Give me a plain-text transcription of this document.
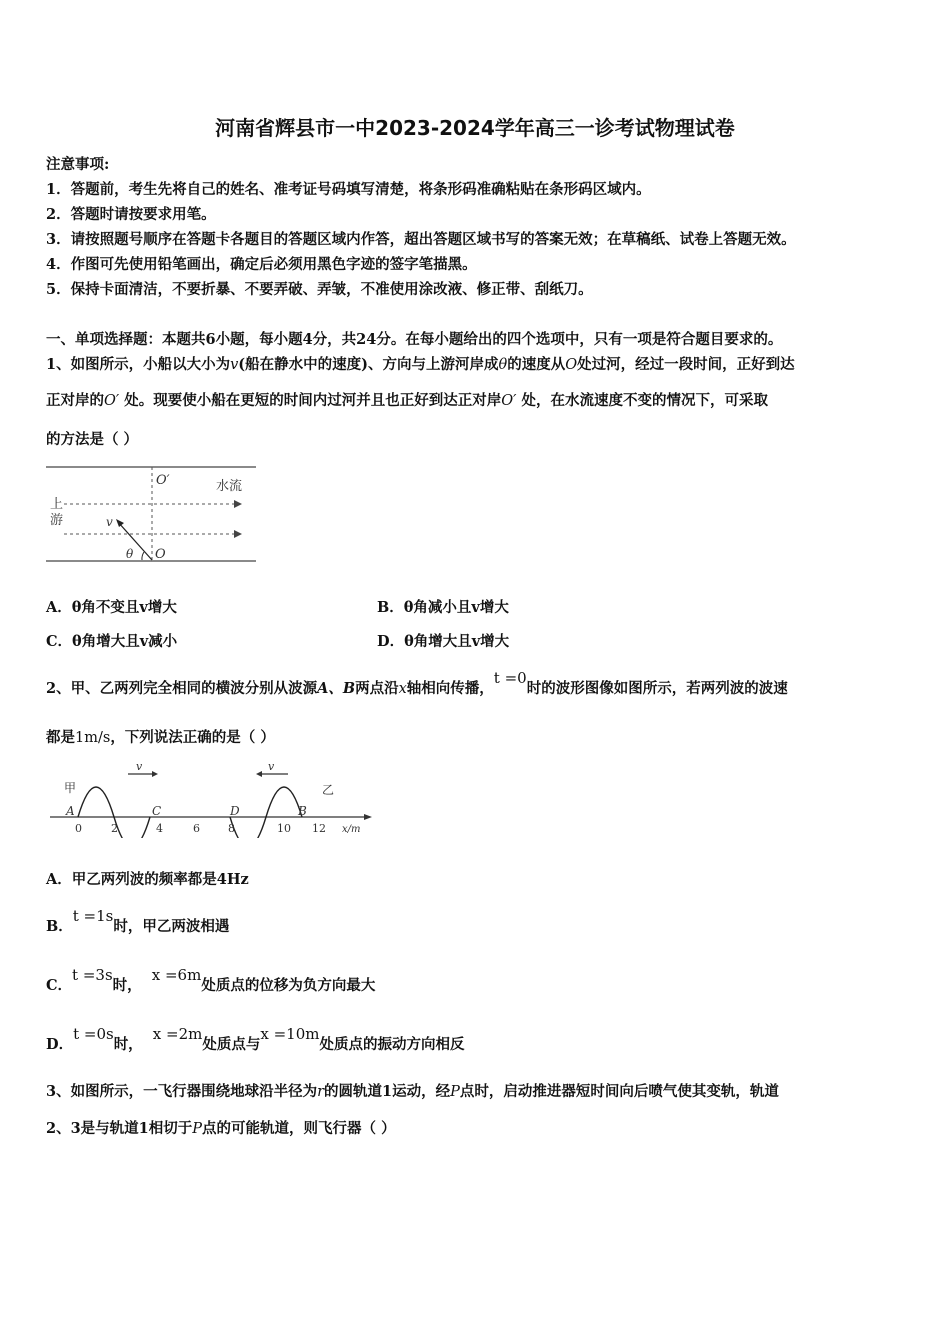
河南省辉县市一中2023-2024学年高三一诊考试物理试卷
注意事项:
1．答题前，考生先将自己的姓名、准考证号码填写清楚，将条形码准确粘贴在条形码区域内。
2．答题时请按要求用笔。
3．请按照题号顺序在答题卡各题目的答题区域内作答，超出答题区域书写的答案无效；在草稿纸、试卷上答题无效。
4．作图可先使用铅笔画出，确定后必须用黑色字迹的签字笔描黑。
5．保持卡面清洁，不要折暴、不要弄破、弄皱，不准使用涂改液、修正带、刮纸刀。
一、单项选择题：本题共6小题，每小题4分，共24分。在每小题给出的四个选项中，只有一项是符合题目要求的。
1、如图所示，小船以大小为v(船在静水中的速度)、方向与上游河岸成θ的速度从O处过河，经过一段时间，正好到达
正对岸的O′ 处。现要使小船在更短的时间内过河并且也正好到达正对岸O′ 处，在水流速度不变的情况下，可采取
的方法是（ ）
O′	水流
上
游	v
θ O
A．θ角不变且v增大	B．θ角减小且v增大
C．θ角增大且v减小	D．θ角增大且v增大
2、甲、乙两列完全相同的横波分别从波源A、B两点沿x轴相向传播，t =0时的波形图像如图所示，若两列波的波速
都是1m/s，下列说法正确的是（ ）
v	v
甲	乙
A	C	D	B
0	2	4	6	8	10 12 x/m
A．甲乙两列波的频率都是4Hz
B．t =1s时，甲乙两波相遇
C．t =3s时，  x =6m处质点的位移为负方向最大
D．t =0s时，  x =2m处质点与x =10m处质点的振动方向相反
3、如图所示，一飞行器围绕地球沿半径为r的圆轨道1运动，经P点时，启动推进器短时间向后喷气使其变轨，轨道
2、3是与轨道1相切于P点的可能轨道，则飞行器（ ）
